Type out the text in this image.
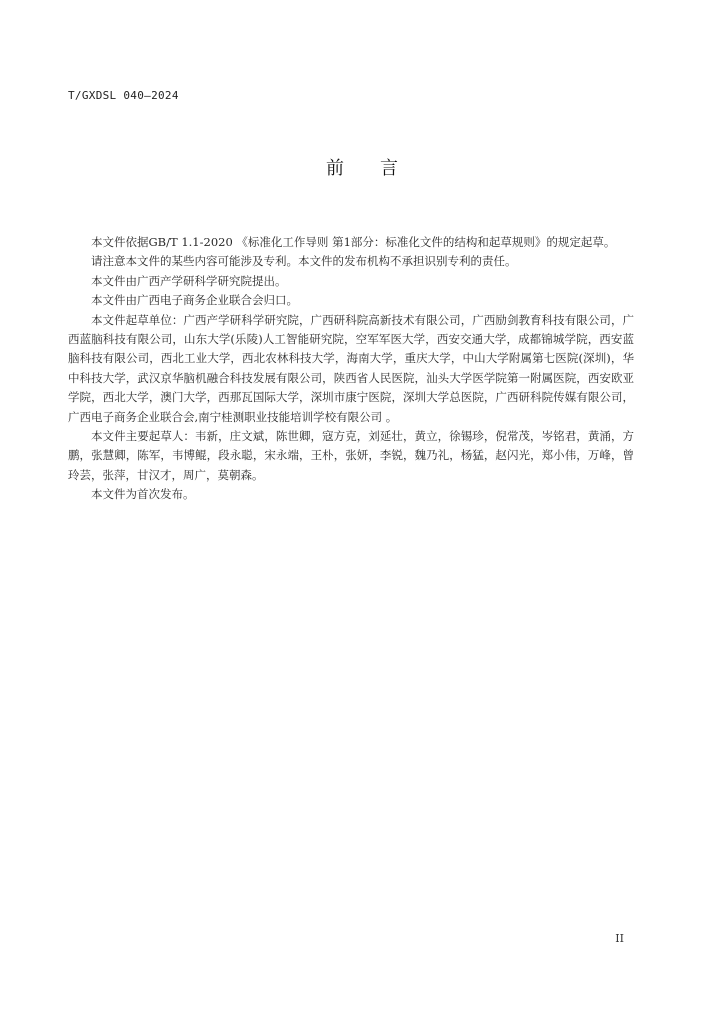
T/GXDSL 040—2024
前　　言

本文件依据GB/T 1.1-2020 《标准化工作导则 第1部分：标准化文件的结构和起草规则》的规定起草。

请注意本文件的某些内容可能涉及专利。本文件的发布机构不承担识别专利的责任。

本文件由广西产学研科学研究院提出。

本文件由广西电子商务企业联合会归口。

本文件起草单位：广西产学研科学研究院，广西研科院高新技术有限公司，广西励剑教育科技有限公司，广西蓝脑科技有限公司，山东大学(乐陵)人工智能研究院，空军军医大学，西安交通大学，成都锦城学院，西安蓝脑科技有限公司，西北工业大学，西北农林科技大学，海南大学，重庆大学，中山大学附属第七医院(深圳)，华中科技大学，武汉京华脑机融合科技发展有限公司，陕西省人民医院，汕头大学医学院第一附属医院，西安欧亚学院，西北大学，澳门大学，西那瓦国际大学，深圳市康宁医院，深圳大学总医院，广西研科院传媒有限公司，广西电子商务企业联合会,南宁桂测职业技能培训学校有限公司 。

本文件主要起草人：韦新，庄文斌，陈世卿，寇方克，刘延壮，黄立，徐锡珍，倪常茂，岑铭君，黄涌，方鹏，张慧卿，陈军，韦博鲲，段永聪，宋永端，王朴，张妍，李锐，魏乃礼，杨猛，赵闪光，郑小伟，万峰，曾玲芸，张萍，甘汉才，周广，莫朝森。

本文件为首次发布。

II
